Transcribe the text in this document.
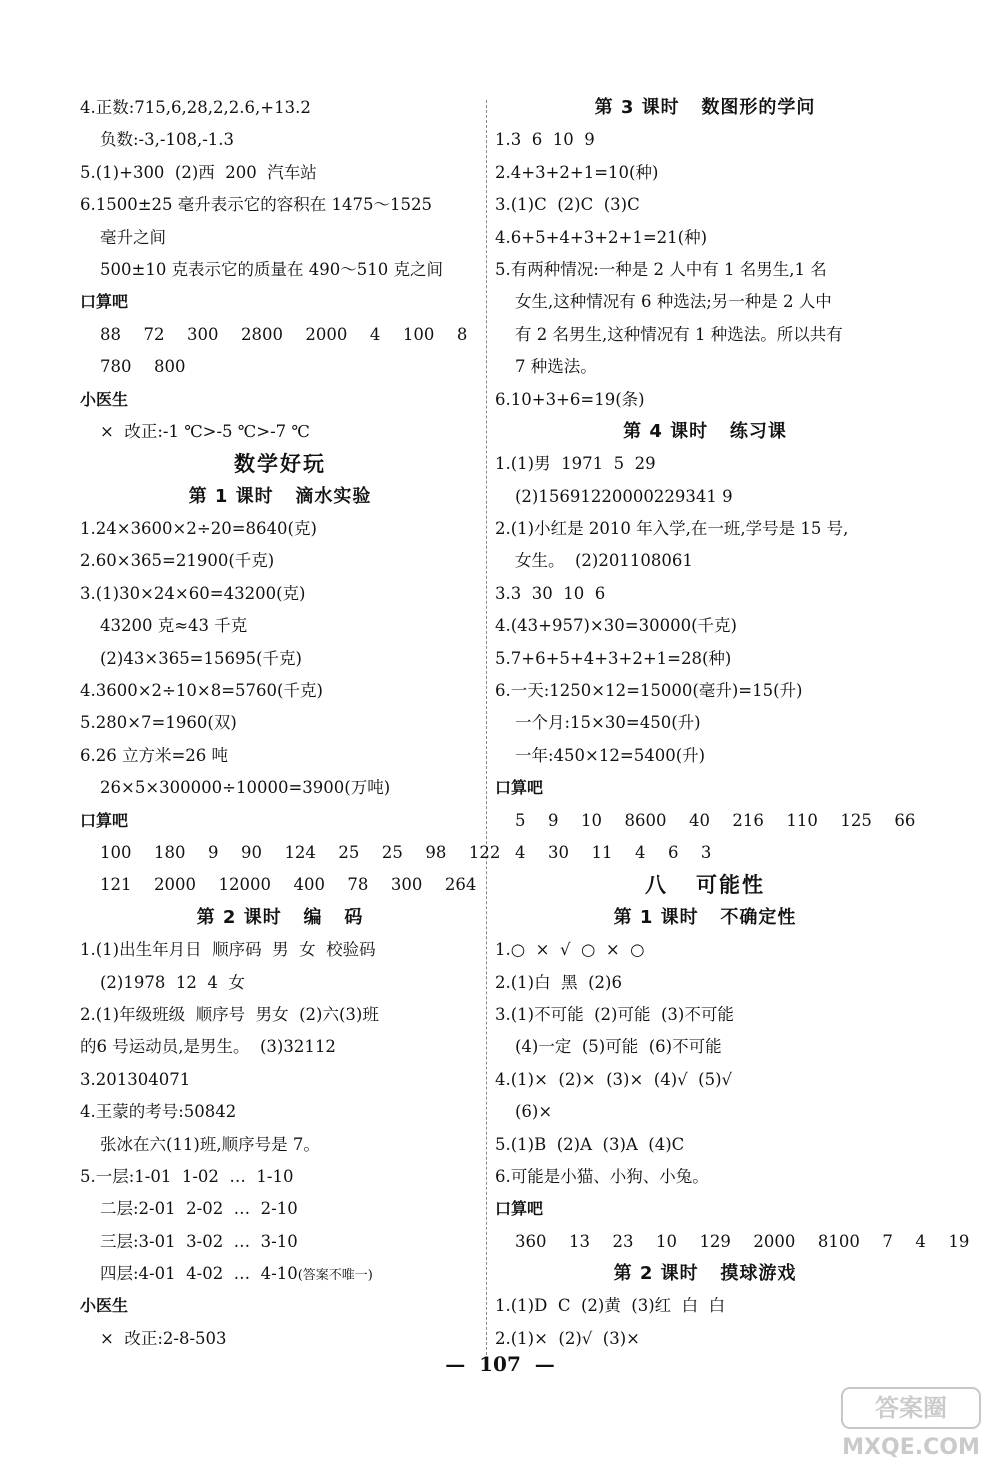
4.正数:715,6,28,2,2.6,+13.2
负数:-3,-108,-1.3
5.(1)+300  (2)西  200  汽车站
6.1500±25 毫升表示它的容积在 1475～1525
毫升之间
500±10 克表示它的质量在 490～510 克之间
口算吧
88  72  300  2800  2000  4  100  8
780  800
小医生
×  改正:-1 ℃>-5 ℃>-7 ℃
数学好玩
第 1 课时   滴水实验
1.24×3600×2÷20=8640(克)
2.60×365=21900(千克)
3.(1)30×24×60=43200(克)
43200 克≈43 千克
(2)43×365=15695(千克)
4.3600×2÷10×8=5760(千克)
5.280×7=1960(双)
6.26 立方米=26 吨
26×5×300000÷10000=3900(万吨)
口算吧
100  180  9  90  124  25  25  98  122
121  2000  12000  400  78  300  264
第 2 课时   编   码
1.(1)出生年月日  顺序码  男  女  校验码
(2)1978  12  4  女
2.(1)年级班级  顺序号  男女  (2)六(3)班
的6 号运动员,是男生。  (3)32112
3.201304071
4.王蒙的考号:50842
张冰在六(11)班,顺序号是 7。
5.一层:1-01  1-02  …  1-10
二层:2-01  2-02  …  2-10
三层:3-01  3-02  …  3-10
四层:4-01  4-02  …  4-10(答案不唯一)
小医生
×  改正:2-8-503
第 3 课时   数图形的学问
1.3  6  10  9
2.4+3+2+1=10(种)
3.(1)C  (2)C  (3)C
4.6+5+4+3+2+1=21(种)
5.有两种情况:一种是 2 人中有 1 名男生,1 名
女生,这种情况有 6 种选法;另一种是 2 人中
有 2 名男生,这种情况有 1 种选法。所以共有
7 种选法。
6.10+3+6=19(条)
第 4 课时   练习课
1.(1)男  1971  5  29
(2)15691220000229341 9
2.(1)小红是 2010 年入学,在一班,学号是 15 号,
女生。  (2)201108061
3.3  30  10  6
4.(43+957)×30=30000(千克)
5.7+6+5+4+3+2+1=28(种)
6.一天:1250×12=15000(毫升)=15(升)
一个月:15×30=450(升)
一年:450×12=5400(升)
口算吧
5  9  10  8600  40  216  110  125  66
4  30  11  4  6  3
八   可能性
第 1 课时   不确定性
1.○  ×  √  ○  ×  ○
2.(1)白  黑  (2)6
3.(1)不可能  (2)可能  (3)不可能
(4)一定  (5)可能  (6)不可能
4.(1)×  (2)×  (3)×  (4)√  (5)√
(6)×
5.(1)B  (2)A  (3)A  (4)C
6.可能是小猫、小狗、小兔。
口算吧
360  13  23  10  129  2000  8100  7  4  19
第 2 课时   摸球游戏
1.(1)D  C  (2)黄  (3)红  白  白
2.(1)×  (2)√  (3)×
—  107  —
答案圈
MXQE.COM
